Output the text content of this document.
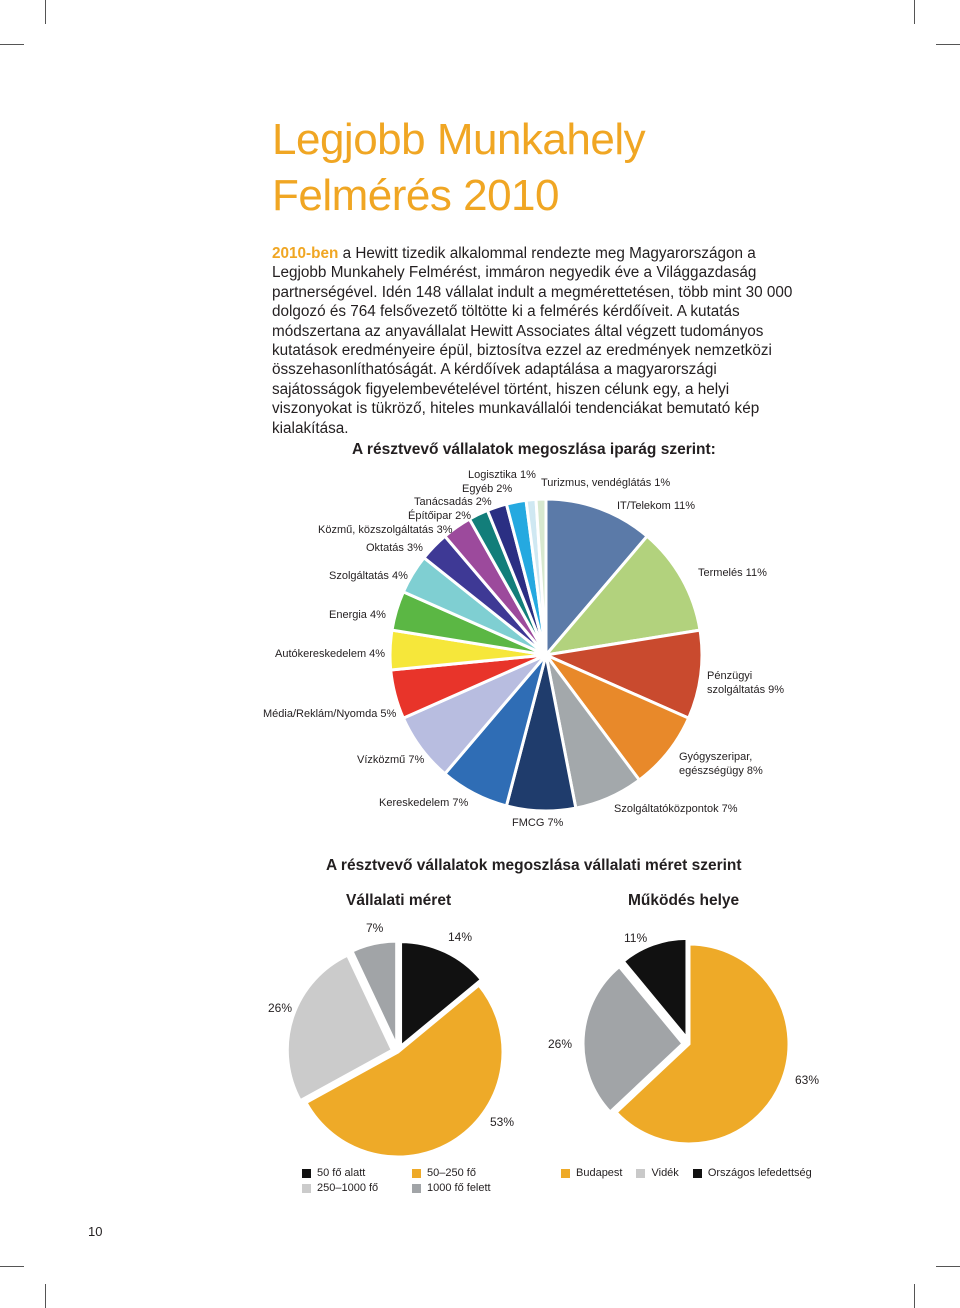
Legjobb Munkahely
Felmérés 2010

2010-ben a Hewitt tizedik alkalommal rendezte meg Magyarországon a Legjobb Munkahely Felmérést, immáron negyedik éve a Világgazdaság partnerségével. Idén 148 vállalat indult a megmérettetésen, több mint 30 000 dolgozó és 764 felsővezető töltötte ki a felmérés kérdőíveit. A kutatás módszertana az anyavállalat Hewitt Associates által végzett tudományos kutatások eredményeire épül, biztosítva ezzel az eredmények nemzetközi összehasonlíthatóságát. A kérdőívek adaptálása a magyarországi sajátosságok figyelembevételével történt, hiszen célunk egy, a helyi viszonyokat is tükröző, hiteles munkavállalói tendenciákat bemutató kép kialakítása.

A résztvevő vállalatok megoszlása iparág szerint:
Logisztika 1%
Turizmus, vendéglátás 1%
Egyéb 2%
Tanácsadás 2%	IT/Telekom 11%
Építőipar 2%
Közmű, közszolgáltatás 3%
Oktatás 3%
Szolgáltatás 4%	Termelés 11%
Energia 4%
Autókereskedelem 4%
Pénzügyi szolgáltatás 9%
Média/Reklám/Nyomda 5%
Gyógyszeripar, egészségügy 8%
Vízközmű 7%
Kereskedelem 7%	Szolgáltatóközpontok 7%
FMCG 7%
A résztvevő vállalatok megoszlása vállalati méret szerint
Vállalati méret	Működés helye
7%
14%
26%
53%
11%
26%
63%
50 fő alatt	50–250 fő
250–1000 fő	1000 fő felett
Budapest	Vidék	Országos lefedettség
10
